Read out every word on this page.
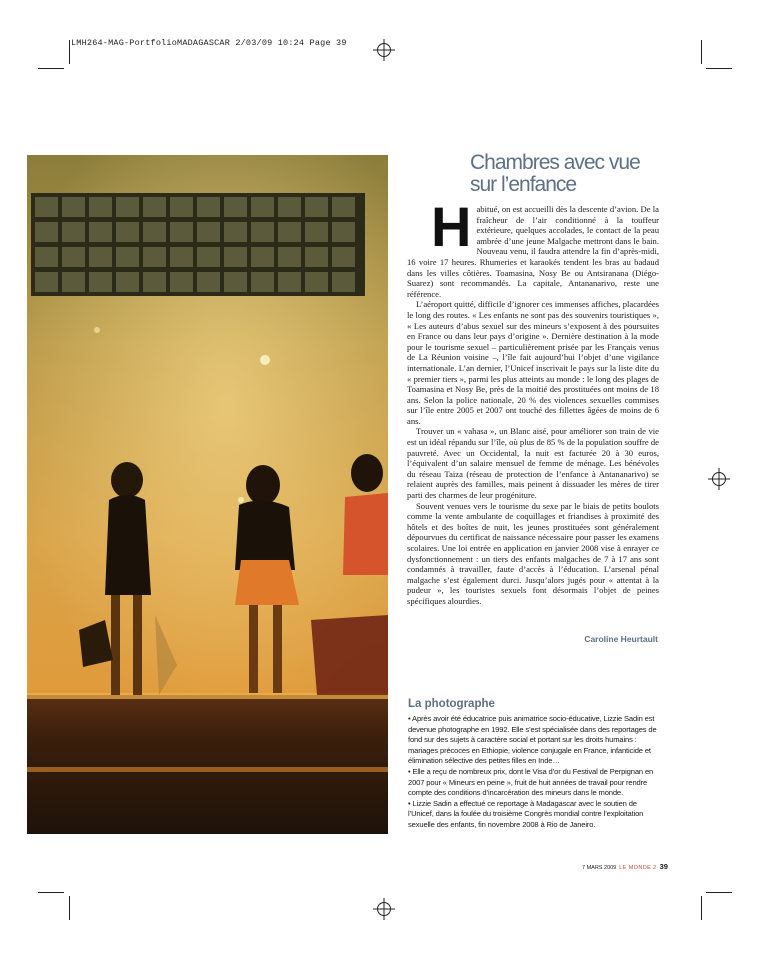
LMH264-MAG-PortfolioMADAGASCAR 2/03/09 10:24 Page 39
Chambres avec vue
sur l’enfance

Habitué, on est accueilli dès la descente d’avion. De la fraîcheur de l’air conditionné à la touffeur extérieure, quelques accolades, le contact de la peau ambrée d’une jeune Malgache mettront dans le bain. Nouveau venu, il faudra attendre la fin d’après-midi, 16 voire 17 heures. Rhumeries et karaokés tendent les bras au badaud dans les villes côtières. Toamasina, Nosy Be ou Antsiranana (Diégo-Suarez) sont recommandés. La capitale, Antananarivo, reste une référence.

L’aéroport quitté, difficile d’ignorer ces immenses affiches, placardées le long des routes. « Les enfants ne sont pas des souvenirs touristiques », « Les auteurs d’abus sexuel sur des mineurs s’exposent à des poursuites en France ou dans leur pays d’origine ». Dernière destination à la mode pour le tourisme sexuel – particulièrement prisée par les Français venus de La Réunion voisine –, l’île fait aujourd’hui l’objet d’une vigilance internationale. L’an dernier, l’Unicef inscrivait le pays sur la liste dite du « premier tiers », parmi les plus atteints au monde : le long des plages de Toamasina et Nosy Be, près de la moitié des prostituées ont moins de 18 ans. Selon la police nationale, 20 % des violences sexuelles commises sur l’île entre 2005 et 2007 ont touché des fillettes âgées de moins de 6 ans.

Trouver un « vahasa », un Blanc aisé, pour améliorer son train de vie est un idéal répandu sur l’île, où plus de 85 % de la population souffre de pauvreté. Avec un Occidental, la nuit est facturée 20 à 30 euros, l’équivalent d’un salaire mensuel de femme de ménage. Les bénévoles du réseau Taiza (réseau de protection de l’enfance à Antananarivo) se relaient auprès des familles, mais peinent à dissuader les mères de tirer parti des charmes de leur progéniture.

Souvent venues vers le tourisme du sexe par le biais de petits boulots comme la vente ambulante de coquillages et friandises à proximité des hôtels et des boîtes de nuit, les jeunes prostituées sont généralement dépourvues du certificat de naissance nécessaire pour passer les examens scolaires. Une loi entrée en application en janvier 2008 vise à enrayer ce dysfonctionnement : un tiers des enfants malgaches de 7 à 17 ans sont condamnés à travailler, faute d’accès à l’éducation. L’arsenal pénal malgache s’est également durci. Jusqu’alors jugés pour « attentat à la pudeur », les touristes sexuels font désormais l’objet de peines spécifiques alourdies.

Caroline Heurtault
La photographe

• Après avoir été éducatrice puis animatrice socio-éducative, Lizzie Sadin est devenue photographe en 1992. Elle s’est spécialisée dans des reportages de fond sur des sujets à caractère social et portant sur les droits humains : mariages précoces en Ethiopie, violence conjugale en France, infanticide et élimination sélective des petites filles en Inde…

• Elle a reçu de nombreux prix, dont le Visa d’or du Festival de Perpignan en 2007 pour « Mineurs en peine », fruit de huit années de travail pour rendre compte des conditions d’incarcération des mineurs dans le monde.

• Lizzie Sadin a effectué ce reportage à Madagascar avec le soutien de l’Unicef, dans la foulée du troisième Congrès mondial contre l’exploitation sexuelle des enfants, fin novembre 2008 à Rio de Janeiro.

7 MARS 2009 LE MONDE 2 39
